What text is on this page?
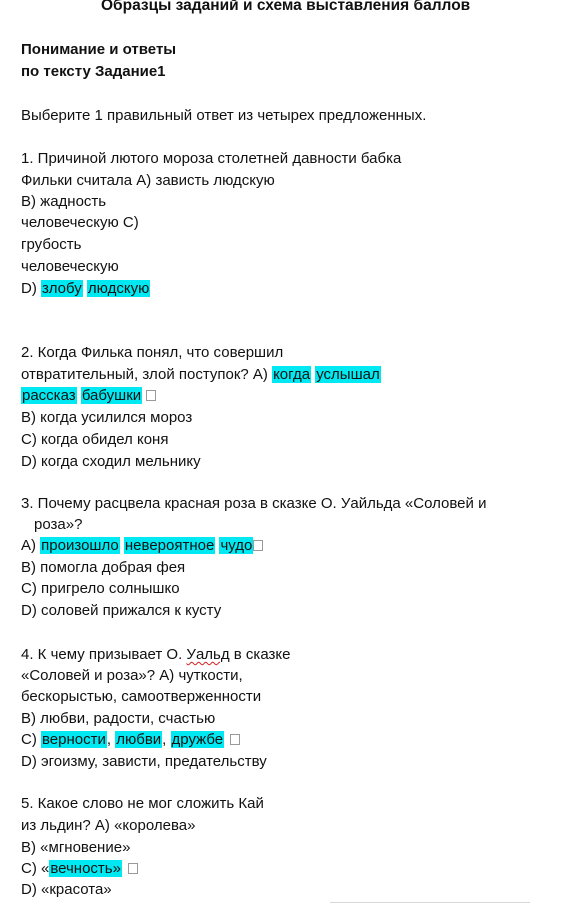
Образцы заданий и схема выставления баллов
Понимание и ответы
по тексту Задание1
Выберите 1 правильный ответ из четырех предложенных.
1. Причиной лютого мороза столетней давности бабка
Фильки считала A) зависть людскую
B) жадность
человеческую C)
грубость
человеческую
D) злобу людскую
2. Когда Филька понял, что совершил
отвратительный, злой поступок? A) когда услышал
рассказ бабушки
B) когда усилился мороз
C) когда обидел коня
D) когда сходил мельнику
3. Почему расцвела красная роза в сказке О. Уайльда «Соловей и
роза»?
A) произошло невероятное чудо
B) помогла добрая фея
C) пригрело солнышко
D) соловей прижался к кусту
4. К чему призывает О. Уальд в сказке
«Соловей и роза»? A) чуткости,
бескорыстью, самоотверженности
B) любви, радости, счастью
C) верности, любви, дружбе
D) эгоизму, зависти, предательству
5. Какое слово не мог сложить Кай
из льдин? A) «королева»
B) «мгновение»
C) «вечность»
D) «красота»
